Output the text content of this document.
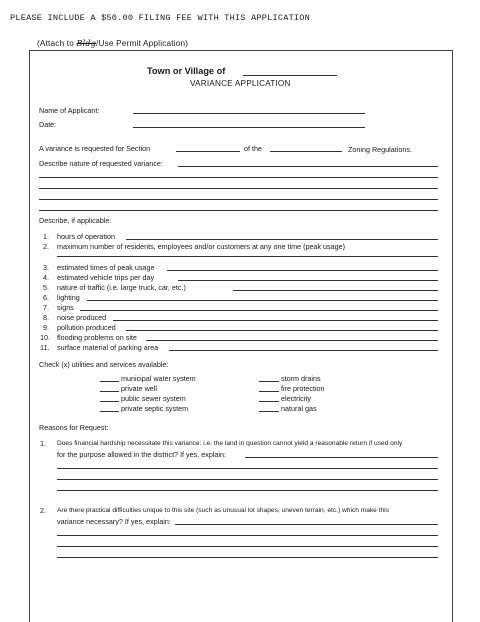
PLEASE INCLUDE A $50.00 FILING FEE WITH THIS APPLICATION
(Attach to Bldg/Use Permit Application)
Town or Village of
VARIANCE APPLICATION
Name of Applicant:
Date:
A variance is requested for Section	of the	Zoning Regulations.
Describe nature of requested variance:
Describe, if applicable:
1. hours of operation
2. maximum number of residents, employees and/or customers at any one time (peak usage)
3. estimated times of peak usage
4. estimated vehicle trips per day
5. nature of traffic (i.e. large truck, car, etc.)
6. lighting
7. signs
8. noise produced
9. pollution produced
10. flooding problems on site
11. surface material of parking area
Check (x) utilities and services available:
municipal water system
private well
public sewer system
private septic system
storm drains
fire protection
electricity
natural gas
Reasons for Request:
1. Does financial hardship necessitate this variance: i.e. the land in question cannot yield a reasonable return if used only
for the purpose allowed in the district? If yes, explain:
2. Are there practical difficulties unique to this site (such as unusual lot shapes, uneven terrain, etc.) which make this
variance necessary? If yes, explain:
